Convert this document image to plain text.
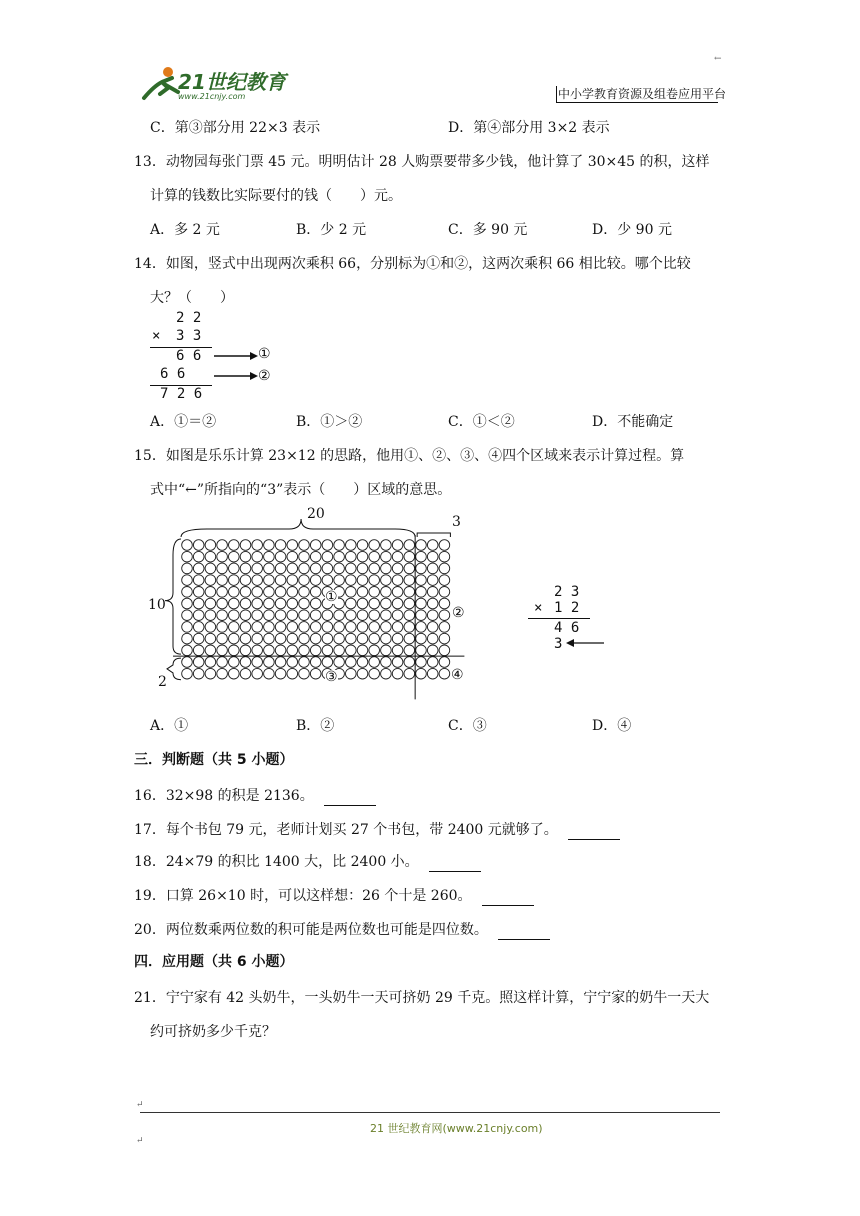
21世纪教育
www.21cnjy.com	中小学教育资源及组卷应用平台
←
C．第③部分用 22×3 表示	D．第④部分用 3×2 表示
13．动物园每张门票 45 元。明明估计 28 人购票要带多少钱，他计算了 30×45 的积，这样
计算的钱数比实际要付的钱（　　）元。
A．多 2 元	B．少 2 元	C．多 90 元	D．少 90 元
14．如图，竖式中出现两次乘积 66，分别标为①和②，这两次乘积 66 相比较。哪个比较
大？（　　）
2 2
× 3 3
6 6
6 6
7 2 6
①
②
A．①＝②	B．①＞②	C．①＜②	D．不能确定
15．如图是乐乐计算 23×12 的思路，他用①、②、③、④四个区域来表示计算过程。算
式中“←”所指向的“3”表示（　　）区域的意思。
20	3
10
2
①
②
③	④
2 3
× 1 2
4 6
3
A．①	B．②	C．③	D．④
三．判断题（共 5 小题）
16．32×98 的积是 2136。
17．每个书包 79 元，老师计划买 27 个书包，带 2400 元就够了。
18．24×79 的积比 1400 大，比 2400 小。
19．口算 26×10 时，可以这样想：26 个十是 260。
20．两位数乘两位数的积可能是两位数也可能是四位数。
四．应用题（共 6 小题）
21．宁宁家有 42 头奶牛，一头奶牛一天可挤奶 29 千克。照这样计算，宁宁家的奶牛一天大
约可挤奶多少千克？
↵
21 世纪教育网(www.21cnjy.com)
↵
